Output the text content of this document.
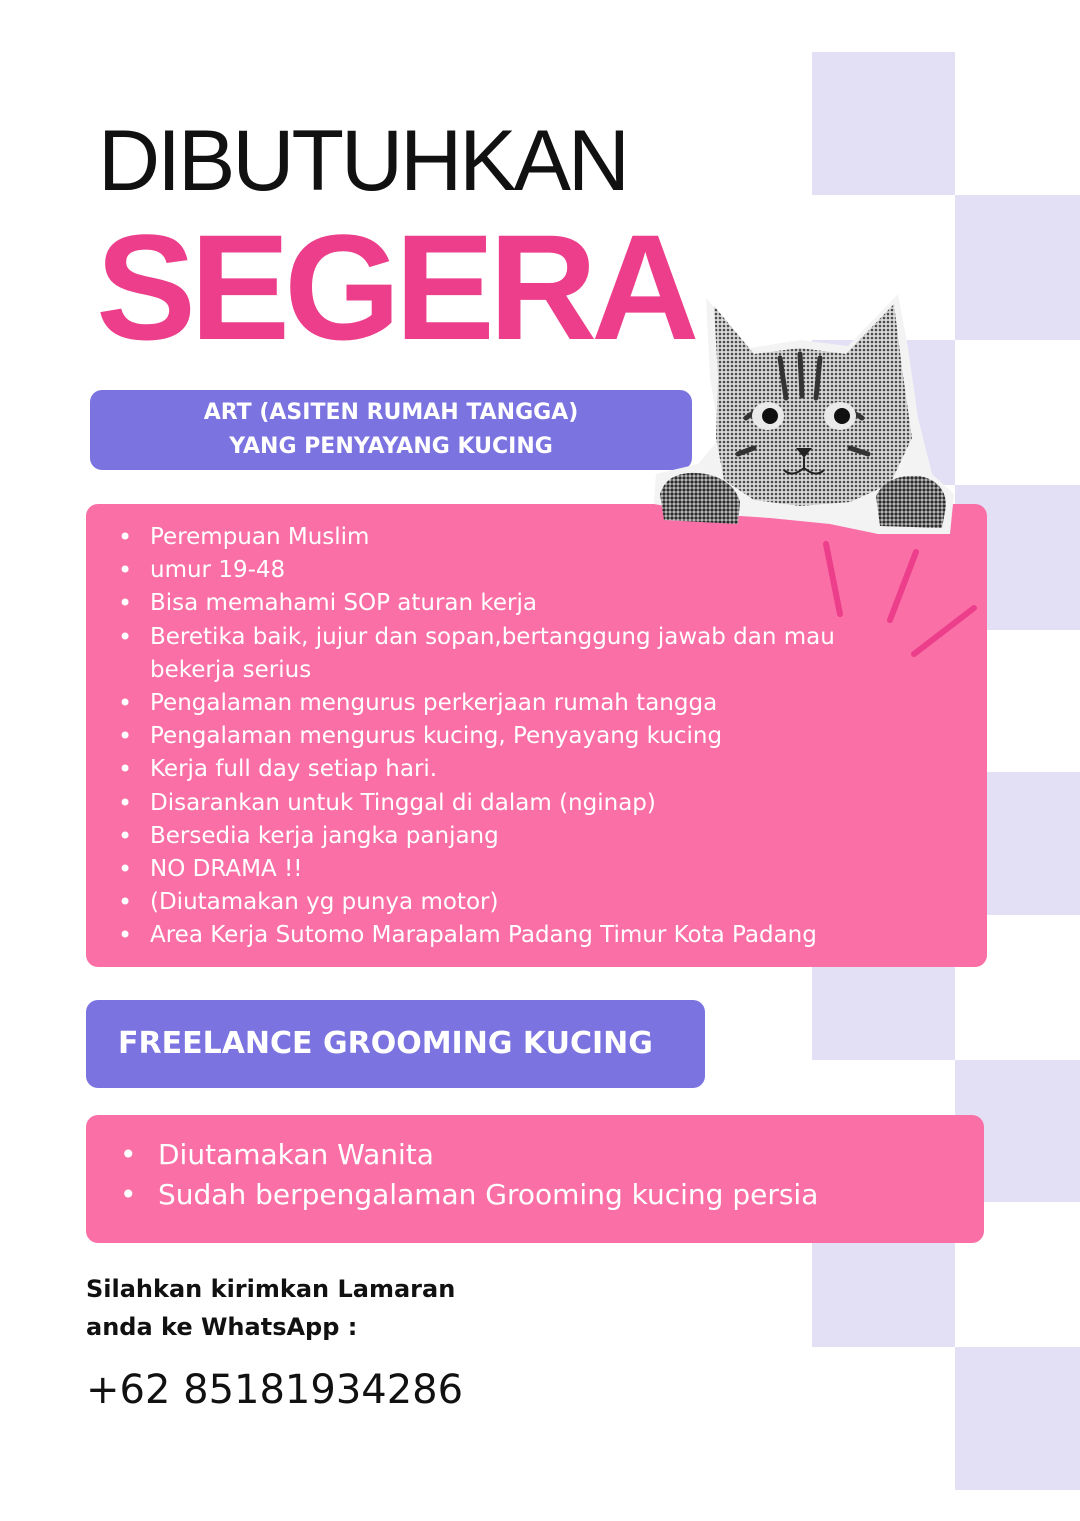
DIBUTUHKAN
SEGERA
ART (ASITEN RUMAH TANGGA)
YANG PENYAYANG KUCING
• Perempuan Muslim
• umur 19-48
• Bisa memahami SOP aturan kerja
• Beretika baik, jujur dan sopan,bertanggung jawab dan mau bekerja serius
• Pengalaman mengurus perkerjaan rumah tangga
• Pengalaman mengurus kucing, Penyayang kucing
• Kerja full day setiap hari.
• Disarankan untuk Tinggal di dalam (nginap)
• Bersedia kerja jangka panjang
• NO DRAMA !!
• (Diutamakan yg punya motor)
• Area Kerja Sutomo Marapalam Padang Timur Kota Padang
FREELANCE GROOMING KUCING
• Diutamakan Wanita
• Sudah berpengalaman Grooming kucing persia
Silahkan kirimkan Lamaran
anda ke WhatsApp :
+62 85181934286
